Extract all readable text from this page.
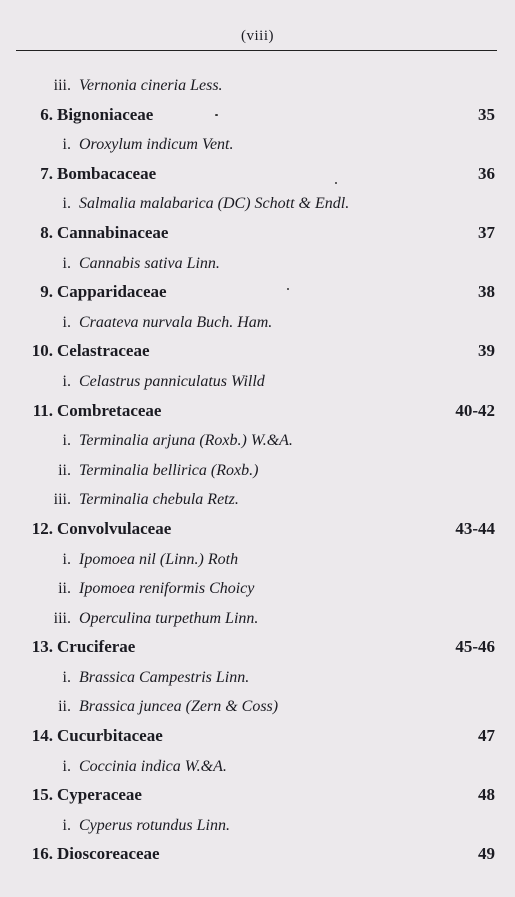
(viii)
iii. Vernonia cineria Less.
6. Bignoniaceae	35
i. Oroxylum indicum Vent.
7. Bombacaceae	36
i. Salmalia malabarica (DC) Schott & Endl.
8. Cannabinaceae	37
i. Cannabis sativa Linn.
9. Capparidaceae	38
i. Craateva nurvala Buch. Ham.
10. Celastraceae	39
i. Celastrus panniculatus Willd
11. Combretaceae	40-42
i. Terminalia arjuna (Roxb.) W.&A.
ii. Terminalia bellirica (Roxb.)
iii. Terminalia chebula Retz.
12. Convolvulaceae	43-44
i. Ipomoea nil (Linn.) Roth
ii. Ipomoea reniformis Choicy
iii. Operculina turpethum Linn.
13. Cruciferae	45-46
i. Brassica Campestris Linn.
ii. Brassica juncea (Zern & Coss)
14. Cucurbitaceae	47
i. Coccinia indica W.&A.
15. Cyperaceae	48
i. Cyperus rotundus Linn.
16. Dioscoreaceae	49
